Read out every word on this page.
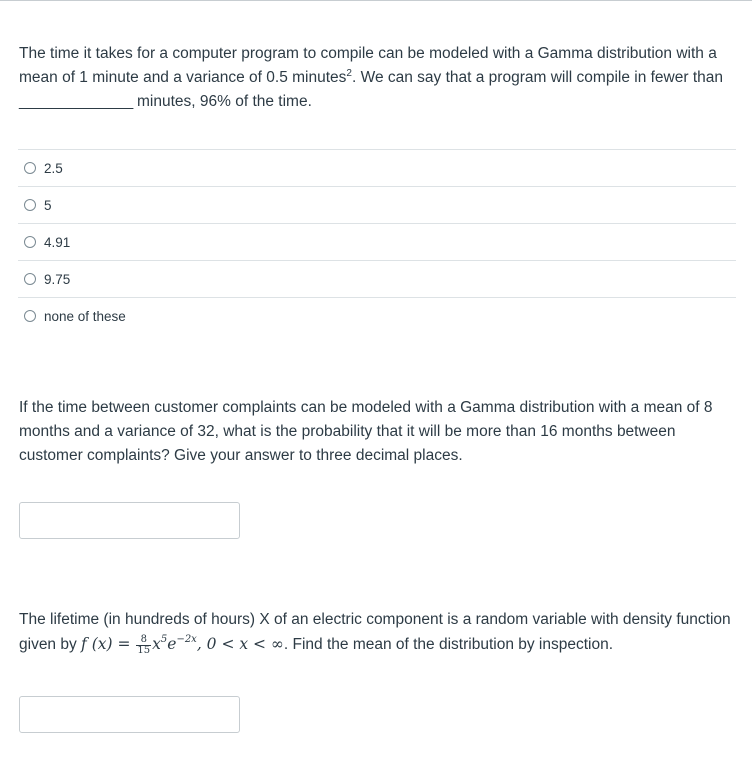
The time it takes for a computer program to compile can be modeled with a Gamma distribution with a mean of 1 minute and a variance of 0.5 minutes$^2$. We can say that a program will compile in fewer than ______________ minutes, 96% of the time.

2.5
5
4.91
9.75
none of these

If the time between customer complaints can be modeled with a Gamma distribution with a mean of 8 months and a variance of 32, what is the probability that it will be more than 16 months between customer complaints? Give your answer to three decimal places.

The lifetime (in hundreds of hours) X of an electric component is a random variable with density function given by f $(x) = \frac{8}{15} x^5e^{-2x}$, 0 < x < ∞. Find the mean of the distribution by inspection.
